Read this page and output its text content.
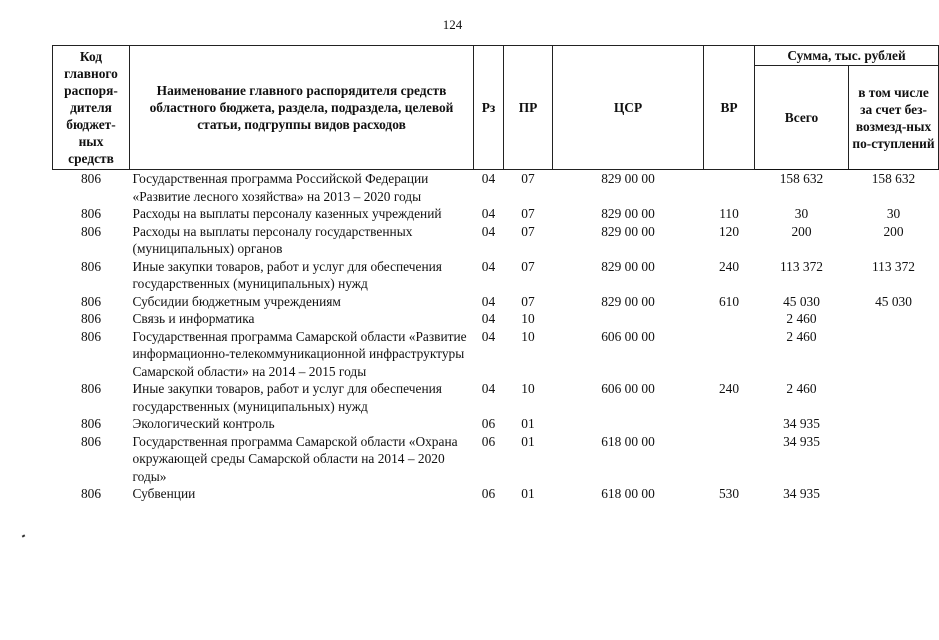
124
Код главного распоря-дителя бюджет-ных средств	Наименование главного распорядителя средств областного бюджета, раздела, подраздела, целевой статьи, подгруппы видов расходов	Рз	ПР	ЦСР	ВР	Сумма, тыс. рублей	
						Всего	в том числе за счет без-возмезд-ных по-ступлений
806	Государственная программа Российской Федерации «Развитие лесного хозяйства» на 2013 – 2020 годы	04	07	829 00 00		158 632	158 632
806	Расходы на выплаты персоналу казенных учреждений	04	07	829 00 00	110	30	30
806	Расходы на выплаты персоналу государственных (муниципальных) органов	04	07	829 00 00	120	200	200
806	Иные закупки товаров, работ и услуг для обеспечения государственных (муниципальных) нужд	04	07	829 00 00	240	113 372	113 372
806	Субсидии бюджетным учреждениям	04	07	829 00 00	610	45 030	45 030
806	Связь и информатика	04	10			2 460	
806	Государственная программа Самарской области «Развитие информационно-телекоммуникационной инфраструктуры Самарской области» на 2014 – 2015 годы	04	10	606 00 00		2 460	
806	Иные закупки товаров, работ и услуг для обеспечения государственных (муниципальных) нужд	04	10	606 00 00	240	2 460	
806	Экологический контроль	06	01			34 935	
806	Государственная программа Самарской области «Охрана окружающей среды Самарской области на 2014 – 2020 годы»	06	01	618 00 00		34 935	
806	Субвенции	06	01	618 00 00	530	34 935	
